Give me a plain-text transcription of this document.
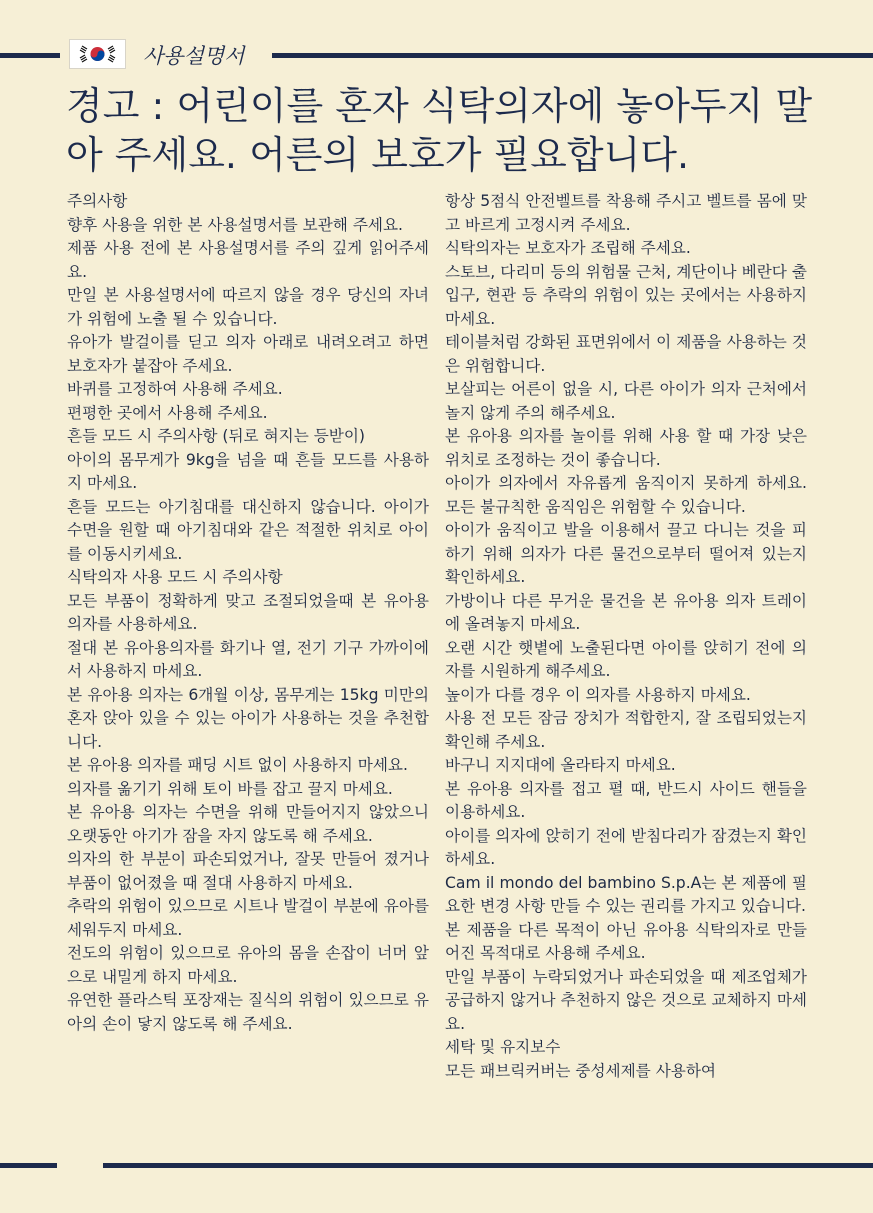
사용설명서
경고 : 어린이를 혼자 식탁의자에 놓아두지 말아 주세요. 어른의 보호가 필요합니다.

주의사항

향후 사용을 위한 본 사용설명서를 보관해 주세요.

제품 사용 전에 본 사용설명서를 주의 깊게 읽어주세요.

만일 본 사용설명서에 따르지 않을 경우 당신의 자녀가 위험에 노출 될 수 있습니다.

유아가 발걸이를 딛고 의자 아래로 내려오려고 하면 보호자가 붙잡아 주세요.

바퀴를 고정하여 사용해 주세요.

편평한 곳에서 사용해 주세요.

흔들 모드 시 주의사항 (뒤로 혀지는 등받이)

아이의 몸무게가 9kg을 넘을 때 흔들 모드를 사용하지 마세요.

흔들 모드는 아기침대를 대신하지 않습니다. 아이가 수면을 원할 때 아기침대와 같은 적절한 위치로 아이를 이동시키세요.

식탁의자 사용 모드 시 주의사항

모든 부품이 정확하게 맞고 조절되었을때 본 유아용 의자를 사용하세요.

절대 본 유아용의자를 화기나 열, 전기 기구 가까이에서 사용하지 마세요.

본 유아용 의자는 6개월 이상, 몸무게는 15kg 미만의 혼자 앉아 있을 수 있는 아이가 사용하는 것을 추천합니다.

본 유아용 의자를 패딩 시트 없이 사용하지 마세요.

의자를 옮기기 위해 토이 바를 잡고 끌지 마세요.

본 유아용 의자는 수면을 위해 만들어지지 않았으니 오랫동안 아기가 잠을 자지 않도록 해 주세요.

의자의 한 부분이 파손되었거나, 잘못 만들어 졌거나 부품이 없어졌을 때 절대 사용하지 마세요.

추락의 위험이 있으므로 시트나 발걸이 부분에 유아를 세워두지 마세요.

전도의 위험이 있으므로 유아의 몸을 손잡이 너머 앞으로 내밀게 하지 마세요.

유연한 플라스틱 포장재는 질식의 위험이 있으므로 유아의 손이 닿지 않도록 해 주세요.

항상 5점식 안전벨트를 착용해 주시고 벨트를 몸에 맞고 바르게 고정시켜 주세요.

식탁의자는 보호자가 조립해 주세요.

스토브, 다리미 등의 위험물 근처, 계단이나 베란다 출입구, 현관 등 추락의 위험이 있는 곳에서는 사용하지 마세요.

테이블처럼 강화된 표면위에서 이 제품을 사용하는 것은 위험합니다.

보살피는 어른이 없을 시, 다른 아이가 의자 근처에서 놀지 않게 주의 해주세요.

본 유아용 의자를 놀이를 위해 사용 할 때 가장 낮은 위치로 조정하는 것이 좋습니다.

아이가 의자에서 자유롭게 움직이지 못하게 하세요. 모든 불규칙한 움직임은 위험할 수 있습니다.

아이가 움직이고 발을 이용해서 끌고 다니는 것을 피하기 위해 의자가 다른 물건으로부터 떨어져 있는지 확인하세요.

가방이나 다른 무거운 물건을 본 유아용 의자 트레이에 올려놓지 마세요.

오랜 시간 햇볕에 노출된다면 아이를 앉히기 전에 의자를 시원하게 해주세요.

높이가 다를 경우 이 의자를 사용하지 마세요.

사용 전 모든 잠금 장치가 적합한지, 잘 조립되었는지 확인해 주세요.

바구니 지지대에 올라타지 마세요.

본 유아용 의자를 접고 펼 때, 반드시 사이드 핸들을 이용하세요.

아이를 의자에 앉히기 전에 받침다리가 잠겼는지 확인하세요.

Cam il mondo del bambino S.p.A는 본 제품에 필요한 변경 사항 만들 수 있는 권리를 가지고 있습니다.

본 제품을 다른 목적이 아닌 유아용 식탁의자로 만들어진 목적대로 사용해 주세요.

만일 부품이 누락되었거나 파손되었을 때 제조업체가 공급하지 않거나 추천하지 않은 것으로 교체하지 마세요.

세탁 및 유지보수

모든 패브릭커버는 중성세제를 사용하여
